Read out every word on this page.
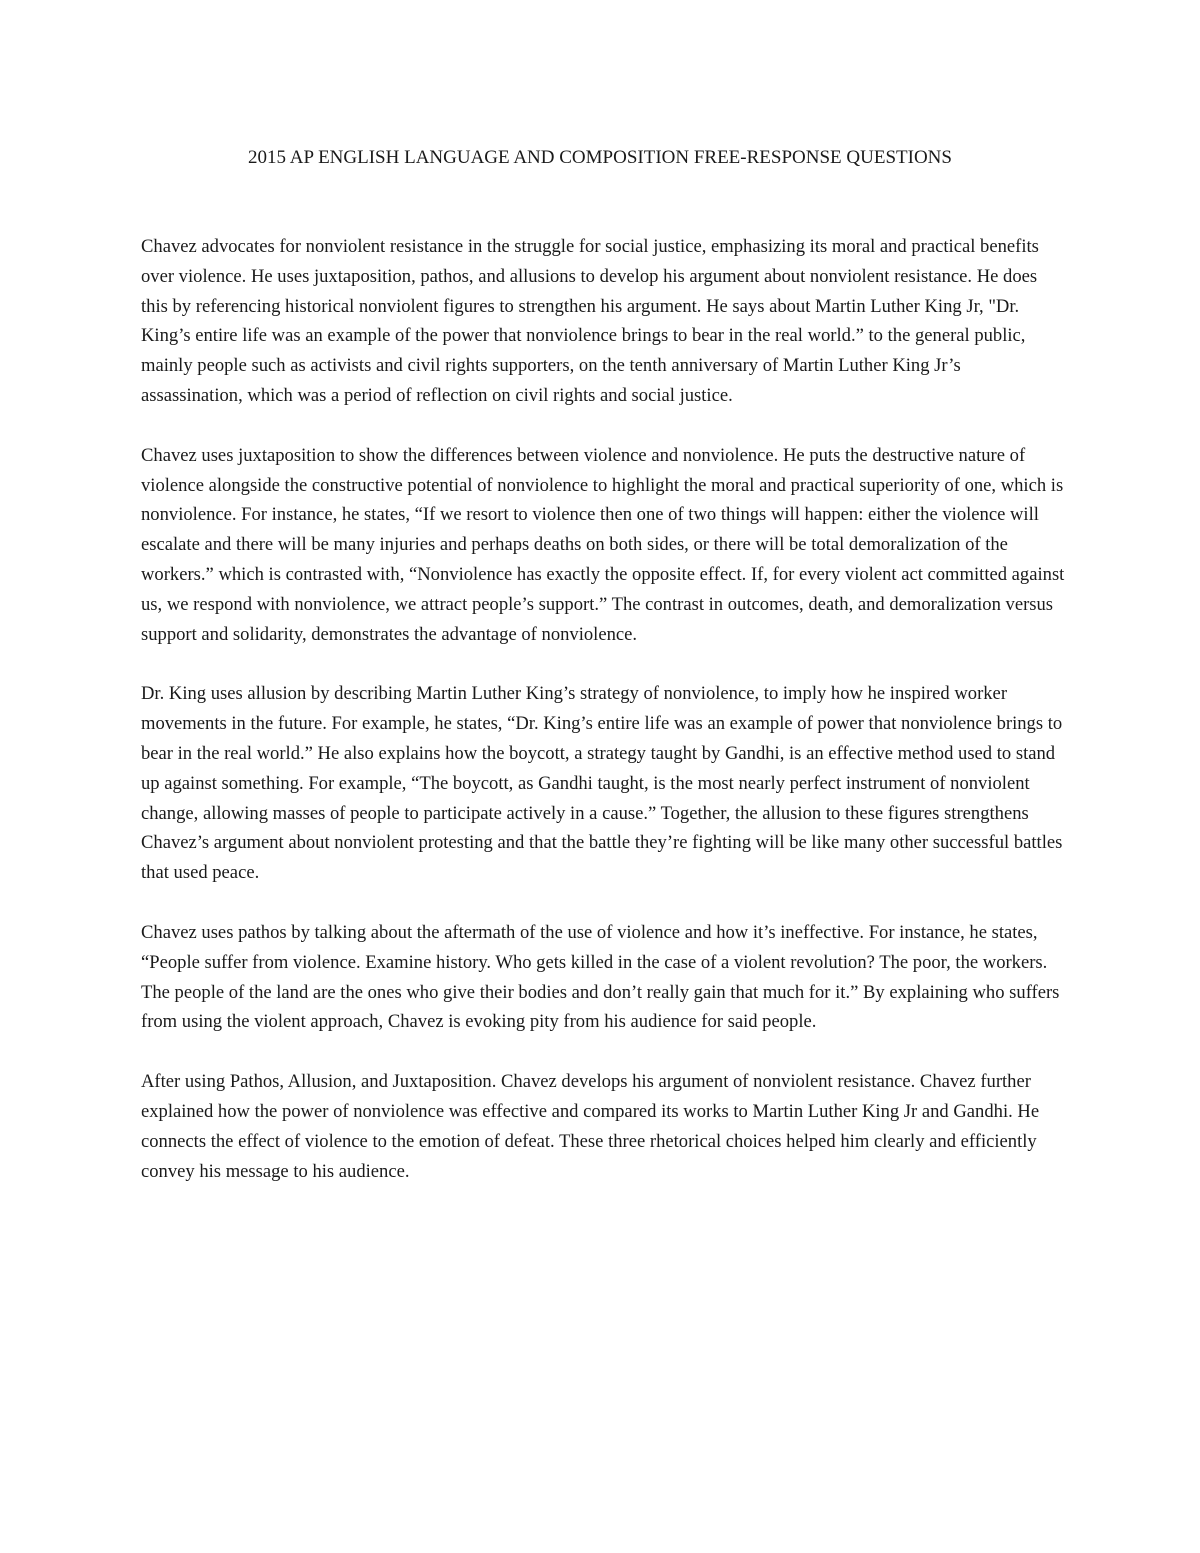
2015 AP ENGLISH LANGUAGE AND COMPOSITION FREE-RESPONSE QUESTIONS

Chavez advocates for nonviolent resistance in the struggle for social justice, emphasizing its moral and practical benefits over violence. He uses juxtaposition, pathos, and allusions to develop his argument about nonviolent resistance. He does this by referencing historical nonviolent figures to strengthen his argument. He says about Martin Luther King Jr, "Dr. King’s entire life was an example of the power that nonviolence brings to bear in the real world.” to the general public, mainly people such as activists and civil rights supporters, on the tenth anniversary of Martin Luther King Jr’s assassination, which was a period of reflection on civil rights and social justice.

Chavez uses juxtaposition to show the differences between violence and nonviolence. He puts the destructive nature of violence alongside the constructive potential of nonviolence to highlight the moral and practical superiority of one, which is nonviolence. For instance, he states, “If we resort to violence then one of two things will happen: either the violence will escalate and there will be many injuries and perhaps deaths on both sides, or there will be total demoralization of the workers.” which is contrasted with, “Nonviolence has exactly the opposite effect. If, for every violent act committed against us, we respond with nonviolence, we attract people’s support.” The contrast in outcomes, death, and demoralization versus support and solidarity, demonstrates the advantage of nonviolence.

Dr. King uses allusion by describing Martin Luther King’s strategy of nonviolence, to imply how he inspired worker movements in the future. For example, he states, “Dr. King’s entire life was an example of power that nonviolence brings to bear in the real world.” He also explains how the boycott, a strategy taught by Gandhi, is an effective method used to stand up against something. For example, “The boycott, as Gandhi taught, is the most nearly perfect instrument of nonviolent change, allowing masses of people to participate actively in a cause.” Together, the allusion to these figures strengthens Chavez’s argument about nonviolent protesting and that the battle they’re fighting will be like many other successful battles that used peace.

Chavez uses pathos by talking about the aftermath of the use of violence and how it’s ineffective. For instance, he states, “People suffer from violence. Examine history. Who gets killed in the case of a violent revolution? The poor, the workers. The people of the land are the ones who give their bodies and don’t really gain that much for it.” By explaining who suffers from using the violent approach, Chavez is evoking pity from his audience for said people.

After using Pathos, Allusion, and Juxtaposition. Chavez develops his argument of nonviolent resistance. Chavez further explained how the power of nonviolence was effective and compared its works to Martin Luther King Jr and Gandhi. He connects the effect of violence to the emotion of defeat. These three rhetorical choices helped him clearly and efficiently convey his message to his audience.
